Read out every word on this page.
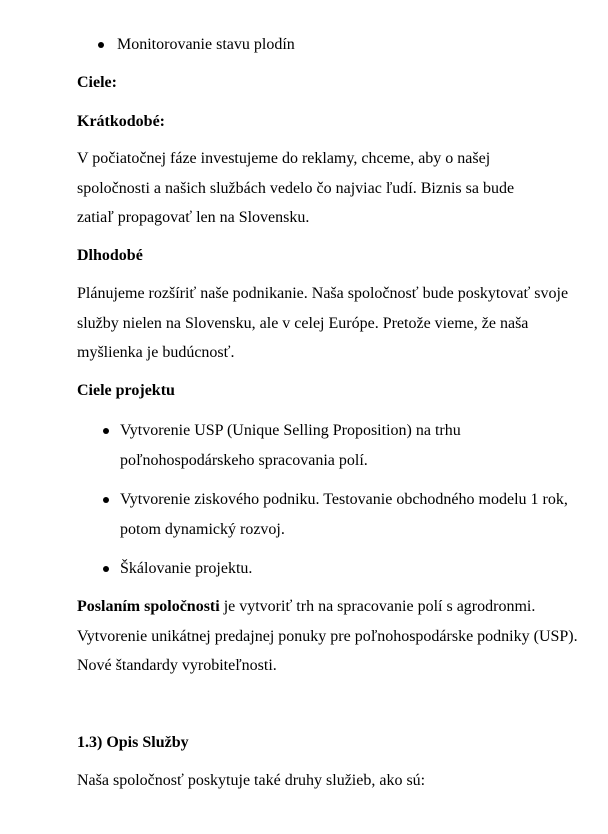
Monitorovanie stavu plodín
Ciele:
Krátkodobé:

V počiatočnej fáze investujeme do reklamy, chceme, aby o našej spoločnosti a našich službách vedelo čo najviac ľudí. Biznis sa bude zatiaľ propagovať len na Slovensku.

Dlhodobé

Plánujeme rozšíriť naše podnikanie. Naša spoločnosť bude poskytovať svoje služby nielen na Slovensku, ale v celej Európe. Pretože vieme, že naša myšlienka je budúcnosť.

Ciele projektu
Vytvorenie USP (Unique Selling Proposition) na trhu poľnohospodárskeho spracovania polí.
Vytvorenie ziskového podniku. Testovanie obchodného modelu 1 rok, potom dynamický rozvoj.
Škálovanie projektu.

Poslaním spoločnosti je vytvoriť trh na spracovanie polí s agrodronmi. Vytvorenie unikátnej predajnej ponuky pre poľnohospodárske podniky (USP). Nové štandardy vyrobiteľnosti.

1.3) Opis Služby

Naša spoločnosť poskytuje také druhy služieb, ako sú:
